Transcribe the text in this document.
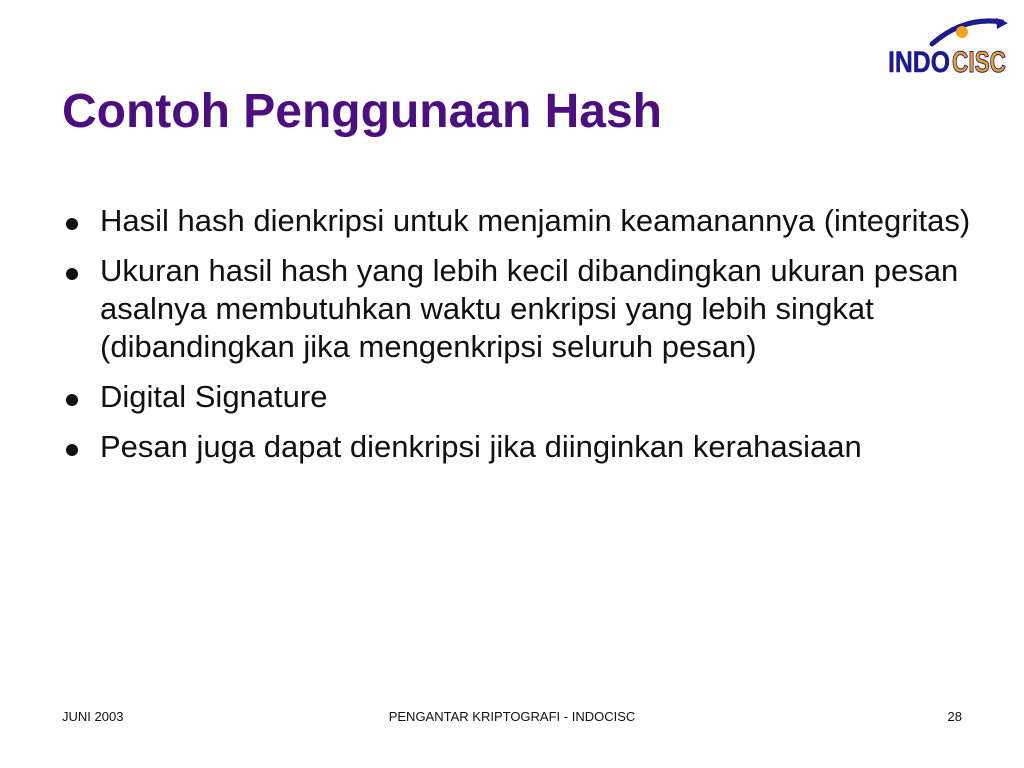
INDO CISC
Contoh Penggunaan Hash
Hasil hash dienkripsi untuk menjamin keamanannya (integritas)
Ukuran hasil hash yang lebih kecil dibandingkan ukuran pesan asalnya membutuhkan waktu enkripsi yang lebih singkat (dibandingkan jika mengenkripsi seluruh pesan)
Digital Signature
Pesan juga dapat dienkripsi jika diinginkan kerahasiaan
PENGANTAR KRIPTOGRAFI - INDOCISC
JUNI 2003	28
